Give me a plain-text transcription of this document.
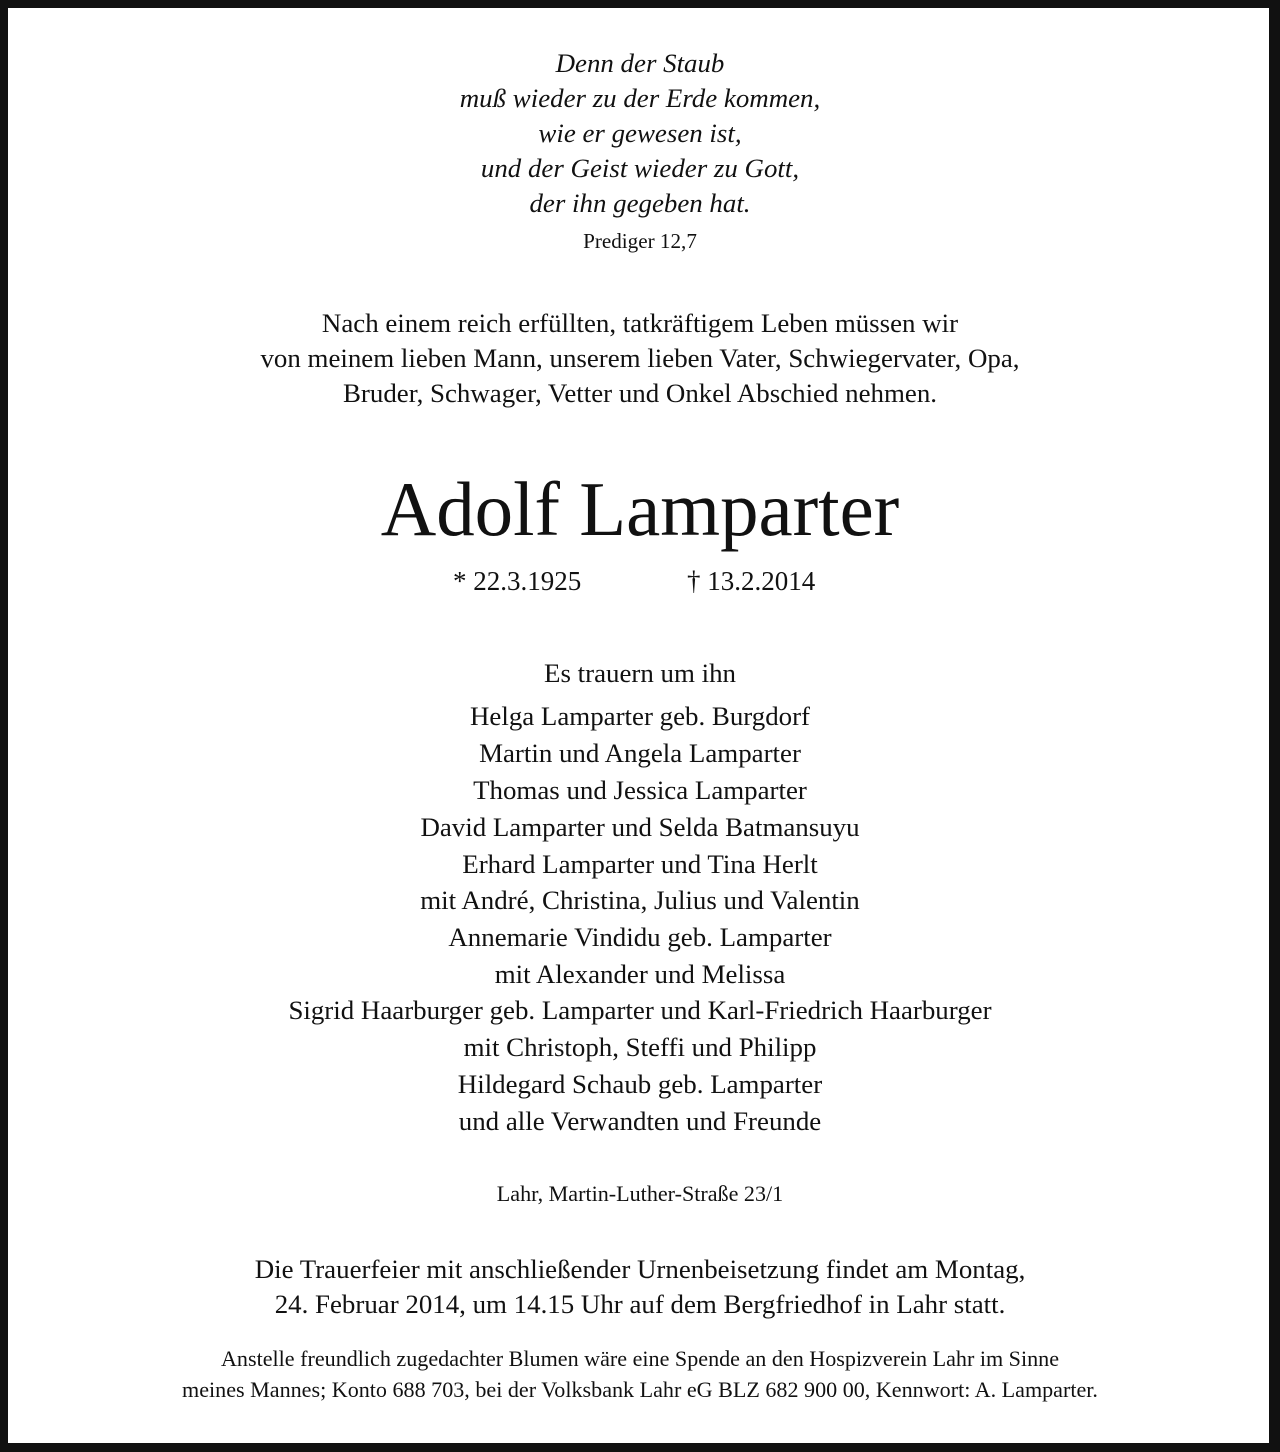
Denn der Staub
muß wieder zu der Erde kommen,
wie er gewesen ist,
und der Geist wieder zu Gott,
der ihn gegeben hat.
Prediger 12,7
Nach einem reich erfüllten, tatkräftigem Leben müssen wir
von meinem lieben Mann, unserem lieben Vater, Schwiegervater, Opa,
Bruder, Schwager, Vetter und Onkel Abschied nehmen.
Adolf Lamparter
* 22.3.1925	† 13.2.2014
Es trauern um ihn
Helga Lamparter geb. Burgdorf
Martin und Angela Lamparter
Thomas und Jessica Lamparter
David Lamparter und Selda Batmansuyu
Erhard Lamparter und Tina Herlt
mit André, Christina, Julius und Valentin
Annemarie Vindidu geb. Lamparter
mit Alexander und Melissa
Sigrid Haarburger geb. Lamparter und Karl-Friedrich Haarburger
mit Christoph, Steffi und Philipp
Hildegard Schaub geb. Lamparter
und alle Verwandten und Freunde
Lahr, Martin-Luther-Straße 23/1
Die Trauerfeier mit anschließender Urnenbeisetzung findet am Montag,
24. Februar 2014, um 14.15 Uhr auf dem Bergfriedhof in Lahr statt.
Anstelle freundlich zugedachter Blumen wäre eine Spende an den Hospizverein Lahr im Sinne
meines Mannes; Konto 688 703, bei der Volksbank Lahr eG BLZ 682 900 00, Kennwort: A. Lamparter.
